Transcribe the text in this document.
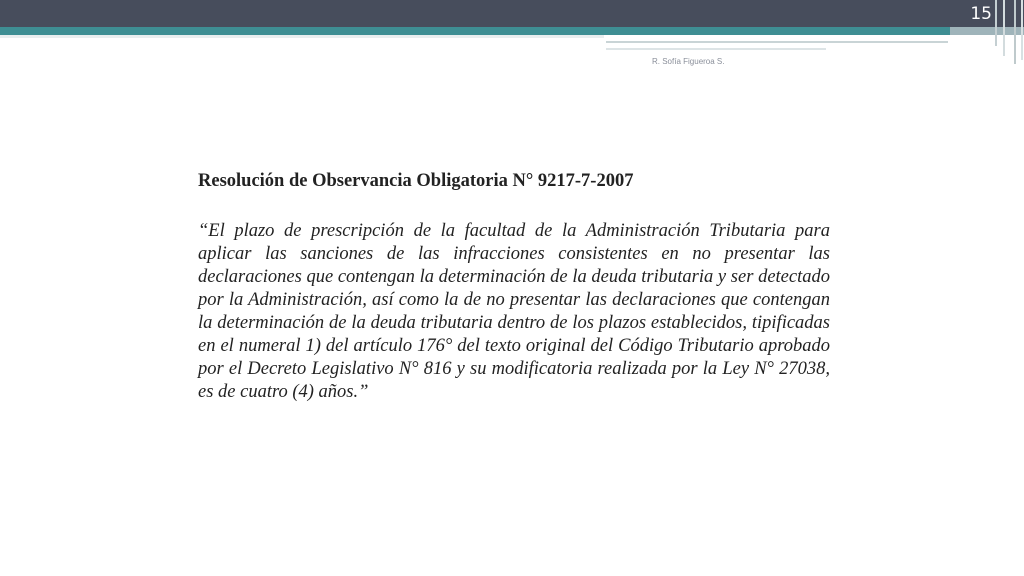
15
R. Sofía Figueroa S.
Resolución de Observancia Obligatoria N° 9217-7-2007

“El plazo de prescripción de la facultad de la Administración Tributaria para aplicar las sanciones de las infracciones consistentes en no presentar las declaraciones que contengan la determinación de la deuda tributaria y ser detectado por la Administración, así como la de no presentar las declaraciones que contengan la determinación de la deuda tributaria dentro de los plazos establecidos, tipificadas en el numeral 1) del artículo 176° del texto original del Código Tributario aprobado por el Decreto Legislativo N° 816 y su modificatoria realizada por la Ley N° 27038, es de cuatro (4) años.”
